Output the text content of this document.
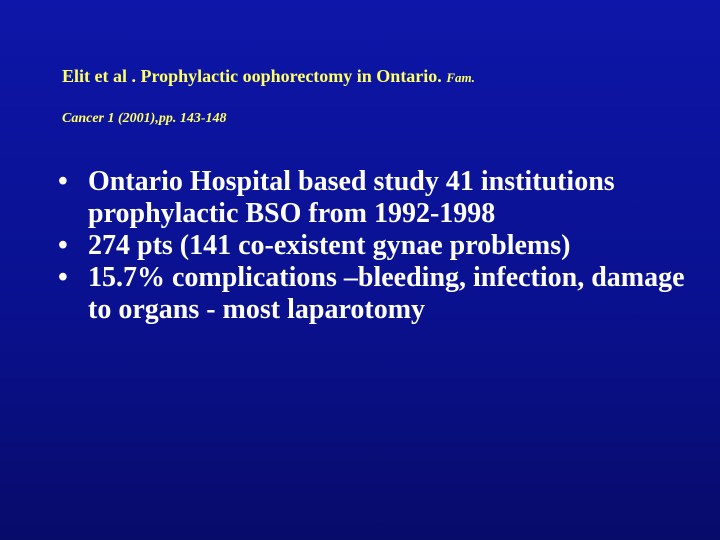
Elit et al . Prophylactic oophorectomy in Ontario. Fam.
Cancer 1 (2001),pp. 143-148
• Ontario Hospital based study 41 institutions prophylactic BSO from 1992-1998
• 274 pts (141 co-existent gynae problems)
• 15.7% complications –bleeding, infection, damage to organs - most laparotomy
